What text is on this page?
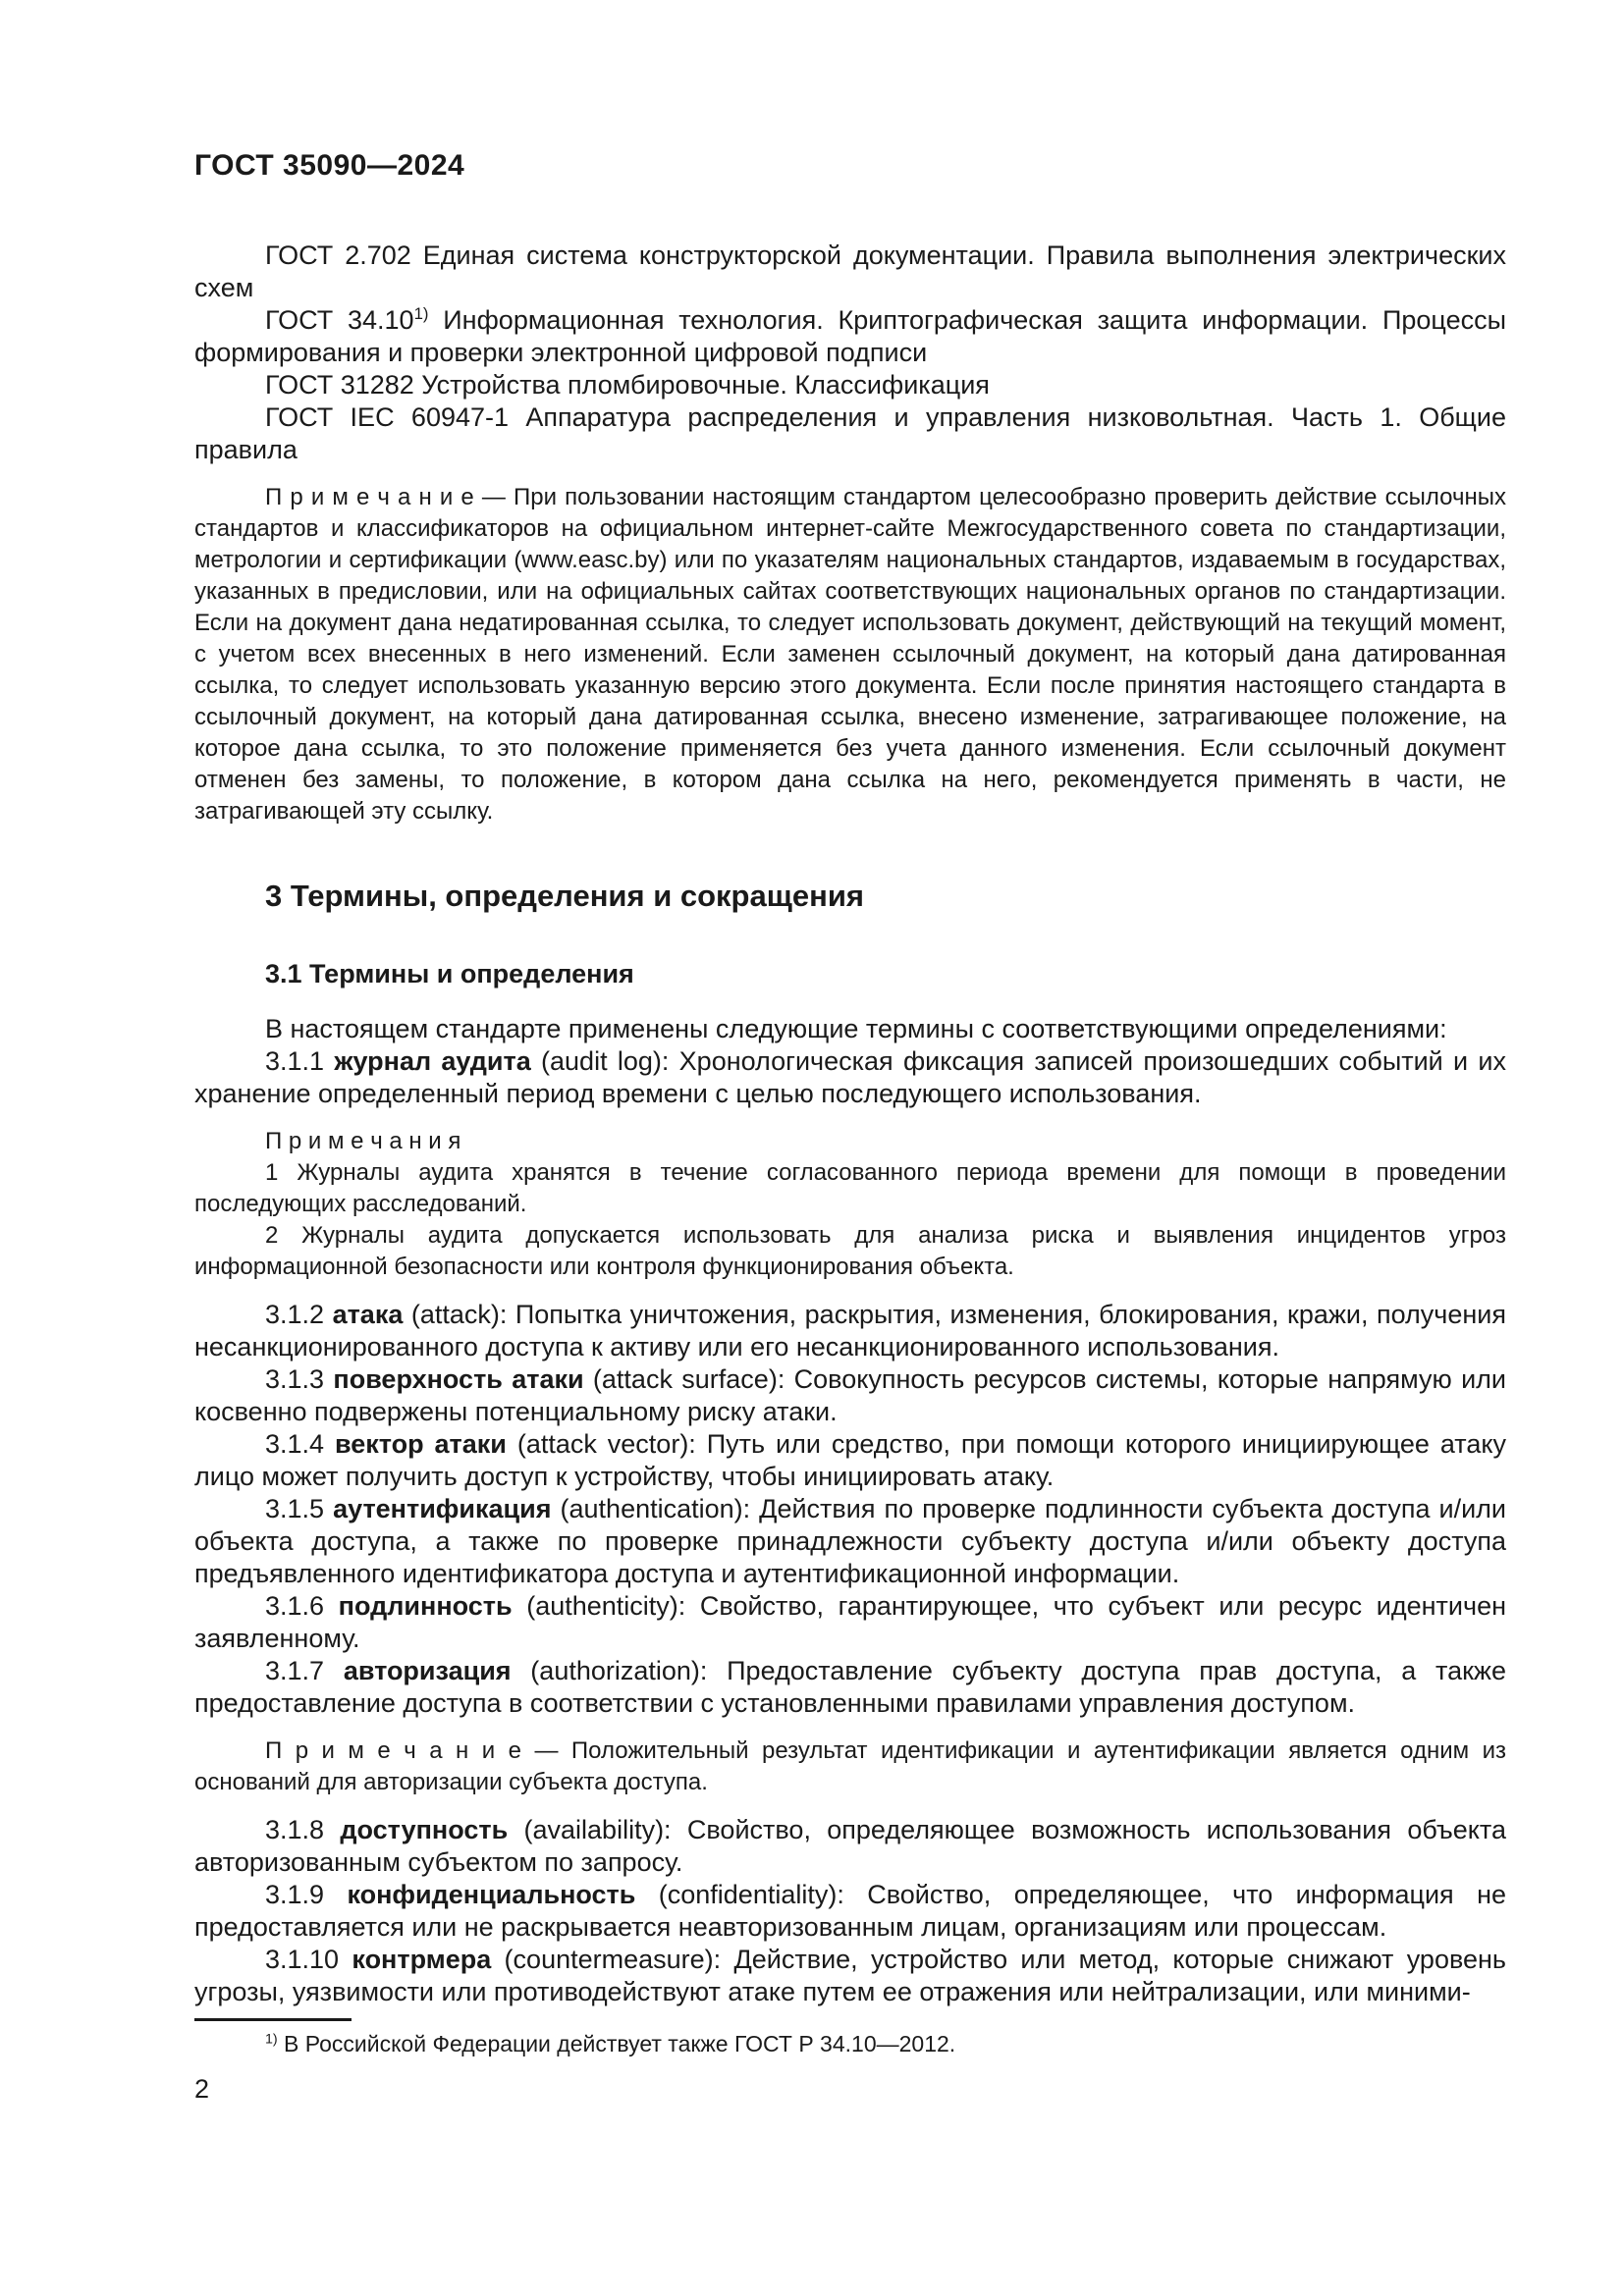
ГОСТ 35090—2024

ГОСТ 2.702 Единая система конструкторской документации. Правила выполнения электрических схем

ГОСТ 34.10$^{1)}$ Информационная технология. Криптографическая защита информации. Процессы формирования и проверки электронной цифровой подписи

ГОСТ 31282 Устройства пломбировочные. Классификация

ГОСТ IEC 60947-1 Аппаратура распределения и управления низковольтная. Часть 1. Общие правила

П р и м е ч а н и е — При пользовании настоящим стандартом целесообразно проверить действие ссылочных стандартов и классификаторов на официальном интернет-сайте Межгосударственного совета по стандартизации, метрологии и сертификации (www.easc.by) или по указателям национальных стандартов, издаваемым в государствах, указанных в предисловии, или на официальных сайтах соответствующих национальных органов по стандартизации. Если на документ дана недатированная ссылка, то следует использовать документ, действующий на текущий момент, с учетом всех внесенных в него изменений. Если заменен ссылочный документ, на который дана датированная ссылка, то следует использовать указанную версию этого документа. Если после принятия настоящего стандарта в ссылочный документ, на который дана датированная ссылка, внесено изменение, затрагивающее положение, на которое дана ссылка, то это положение применяется без учета данного изменения. Если ссылочный документ отменен без замены, то положение, в котором дана ссылка на него, рекомендуется применять в части, не затрагивающей эту ссылку.

3 Термины, определения и сокращения
3.1 Термины и определения

В настоящем стандарте применены следующие термины с соответствующими определениями:

3.1.1 журнал аудита (audit log): Хронологическая фиксация записей произошедших событий и их хранение определенный период времени с целью последующего использования.

П р и м е ч а н и я

1 Журналы аудита хранятся в течение согласованного периода времени для помощи в проведении последующих расследований.

2 Журналы аудита допускается использовать для анализа риска и выявления инцидентов угроз информационной безопасности или контроля функционирования объекта.

3.1.2 атака (attack): Попытка уничтожения, раскрытия, изменения, блокирования, кражи, получения несанкционированного доступа к активу или его несанкционированного использования.

3.1.3 поверхность атаки (attack surface): Совокупность ресурсов системы, которые напрямую или косвенно подвержены потенциальному риску атаки.

3.1.4 вектор атаки (attack vector): Путь или средство, при помощи которого инициирующее атаку лицо может получить доступ к устройству, чтобы инициировать атаку.

3.1.5 аутентификация (authentication): Действия по проверке подлинности субъекта доступа и/или объекта доступа, а также по проверке принадлежности субъекту доступа и/или объекту доступа предъявленного идентификатора доступа и аутентификационной информации.

3.1.6 подлинность (authenticity): Свойство, гарантирующее, что субъект или ресурс идентичен заявленному.

3.1.7 авторизация (authorization): Предоставление субъекту доступа прав доступа, а также предоставление доступа в соответствии с установленными правилами управления доступом.

П р и м е ч а н и е — Положительный результат идентификации и аутентификации является одним из оснований для авторизации субъекта доступа.

3.1.8 доступность (availability): Свойство, определяющее возможность использования объекта авторизованным субъектом по запросу.

3.1.9 конфиденциальность (confidentiality): Свойство, определяющее, что информация не предоставляется или не раскрывается неавторизованным лицам, организациям или процессам.

3.1.10 контрмера (countermeasure): Действие, устройство или метод, которые снижают уровень угрозы, уязвимости или противодействуют атаке путем ее отражения или нейтрализации, или миними-

$^{1)}$ В Российской Федерации действует также ГОСТ Р 34.10—2012.

2
